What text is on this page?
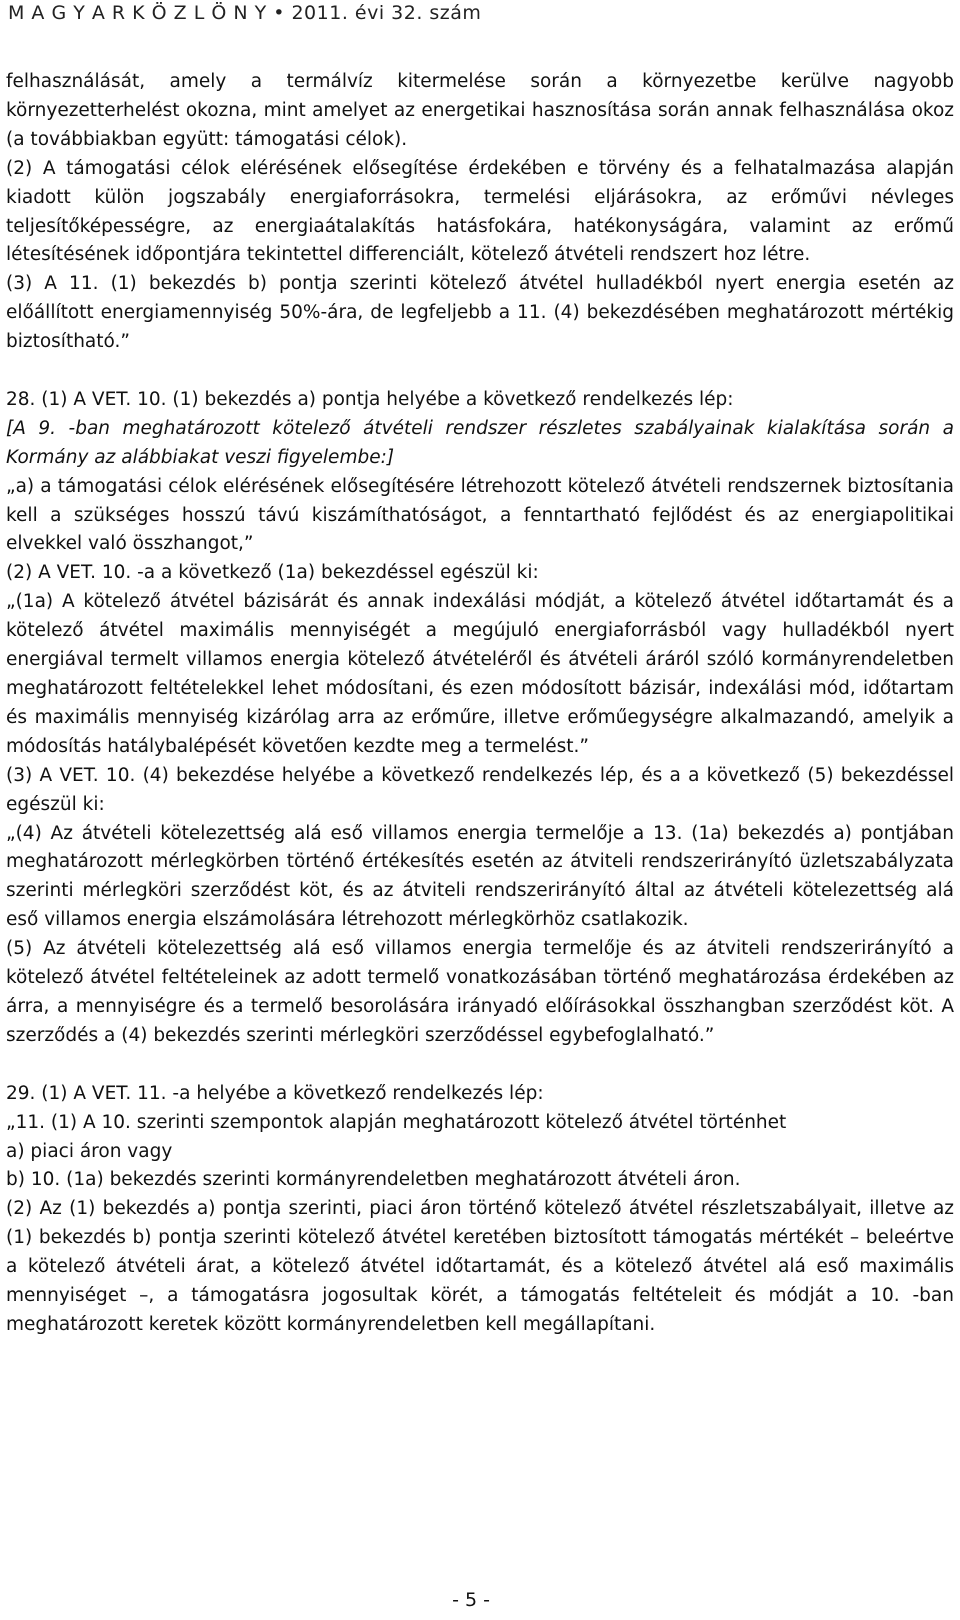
M A G Y A R K Ö Z L Ö N Y • 2011. évi 32. szám

felhasználását, amely a termálvíz kitermelése során a környezetbe kerülve nagyobb környezetterhelést okozna, mint amelyet az energetikai hasznosítása során annak felhasználása okoz (a továbbiakban együtt: támogatási célok).

(2) A támogatási célok elérésének elősegítése érdekében e törvény és a felhatalmazása alapján kiadott külön jogszabály energiaforrásokra, termelési eljárásokra, az erőművi névleges teljesítőképességre, az energiaátalakítás hatásfokára, hatékonyságára, valamint az erőmű létesítésének időpontjára tekintettel differenciált, kötelező átvételi rendszert hoz létre.

(3) A 11. (1) bekezdés b) pontja szerinti kötelező átvétel hulladékból nyert energia esetén az előállított energiamennyiség 50%-ára, de legfeljebb a 11. (4) bekezdésében meghatározott mértékig biztosítható.”

28. (1) A VET. 10. (1) bekezdés a) pontja helyébe a következő rendelkezés lép:

[A 9. -ban meghatározott kötelező átvételi rendszer részletes szabályainak kialakítása során a Kormány az alábbiakat veszi figyelembe:]

„a) a támogatási célok elérésének elősegítésére létrehozott kötelező átvételi rendszernek biztosítania kell a szükséges hosszú távú kiszámíthatóságot, a fenntartható fejlődést és az energiapolitikai elvekkel való összhangot,”

(2) A VET. 10. -a a következő (1a) bekezdéssel egészül ki:

„(1a) A kötelező átvétel bázisárát és annak indexálási módját, a kötelező átvétel időtartamát és a kötelező átvétel maximális mennyiségét a megújuló energiaforrásból vagy hulladékból nyert energiával termelt villamos energia kötelező átvételéről és átvételi áráról szóló kormányrendeletben meghatározott feltételekkel lehet módosítani, és ezen módosított bázisár, indexálási mód, időtartam és maximális mennyiség kizárólag arra az erőműre, illetve erőműegységre alkalmazandó, amelyik a módosítás hatálybalépését követően kezdte meg a termelést.”

(3) A VET. 10. (4) bekezdése helyébe a következő rendelkezés lép, és a a következő (5) bekezdéssel egészül ki:

„(4) Az átvételi kötelezettség alá eső villamos energia termelője a 13. (1a) bekezdés a) pontjában meghatározott mérlegkörben történő értékesítés esetén az átviteli rendszerirányító üzletszabályzata szerinti mérlegköri szerződést köt, és az átviteli rendszerirányító által az átvételi kötelezettség alá eső villamos energia elszámolására létrehozott mérlegkörhöz csatlakozik.

(5) Az átvételi kötelezettség alá eső villamos energia termelője és az átviteli rendszerirányító a kötelező átvétel feltételeinek az adott termelő vonatkozásában történő meghatározása érdekében az árra, a mennyiségre és a termelő besorolására irányadó előírásokkal összhangban szerződést köt. A szerződés a (4) bekezdés szerinti mérlegköri szerződéssel egybefoglalható.”

29. (1) A VET. 11. -a helyébe a következő rendelkezés lép:

„11. (1) A 10. szerinti szempontok alapján meghatározott kötelező átvétel történhet

a) piaci áron vagy

b) 10. (1a) bekezdés szerinti kormányrendeletben meghatározott átvételi áron.

(2) Az (1) bekezdés a) pontja szerinti, piaci áron történő kötelező átvétel részletszabályait, illetve az (1) bekezdés b) pontja szerinti kötelező átvétel keretében biztosított támogatás mértékét – beleértve a kötelező átvételi árat, a kötelező átvétel időtartamát, és a kötelező átvétel alá eső maximális mennyiséget –, a támogatásra jogosultak körét, a támogatás feltételeit és módját a 10. -ban meghatározott keretek között kormányrendeletben kell megállapítani.

- 5 -
